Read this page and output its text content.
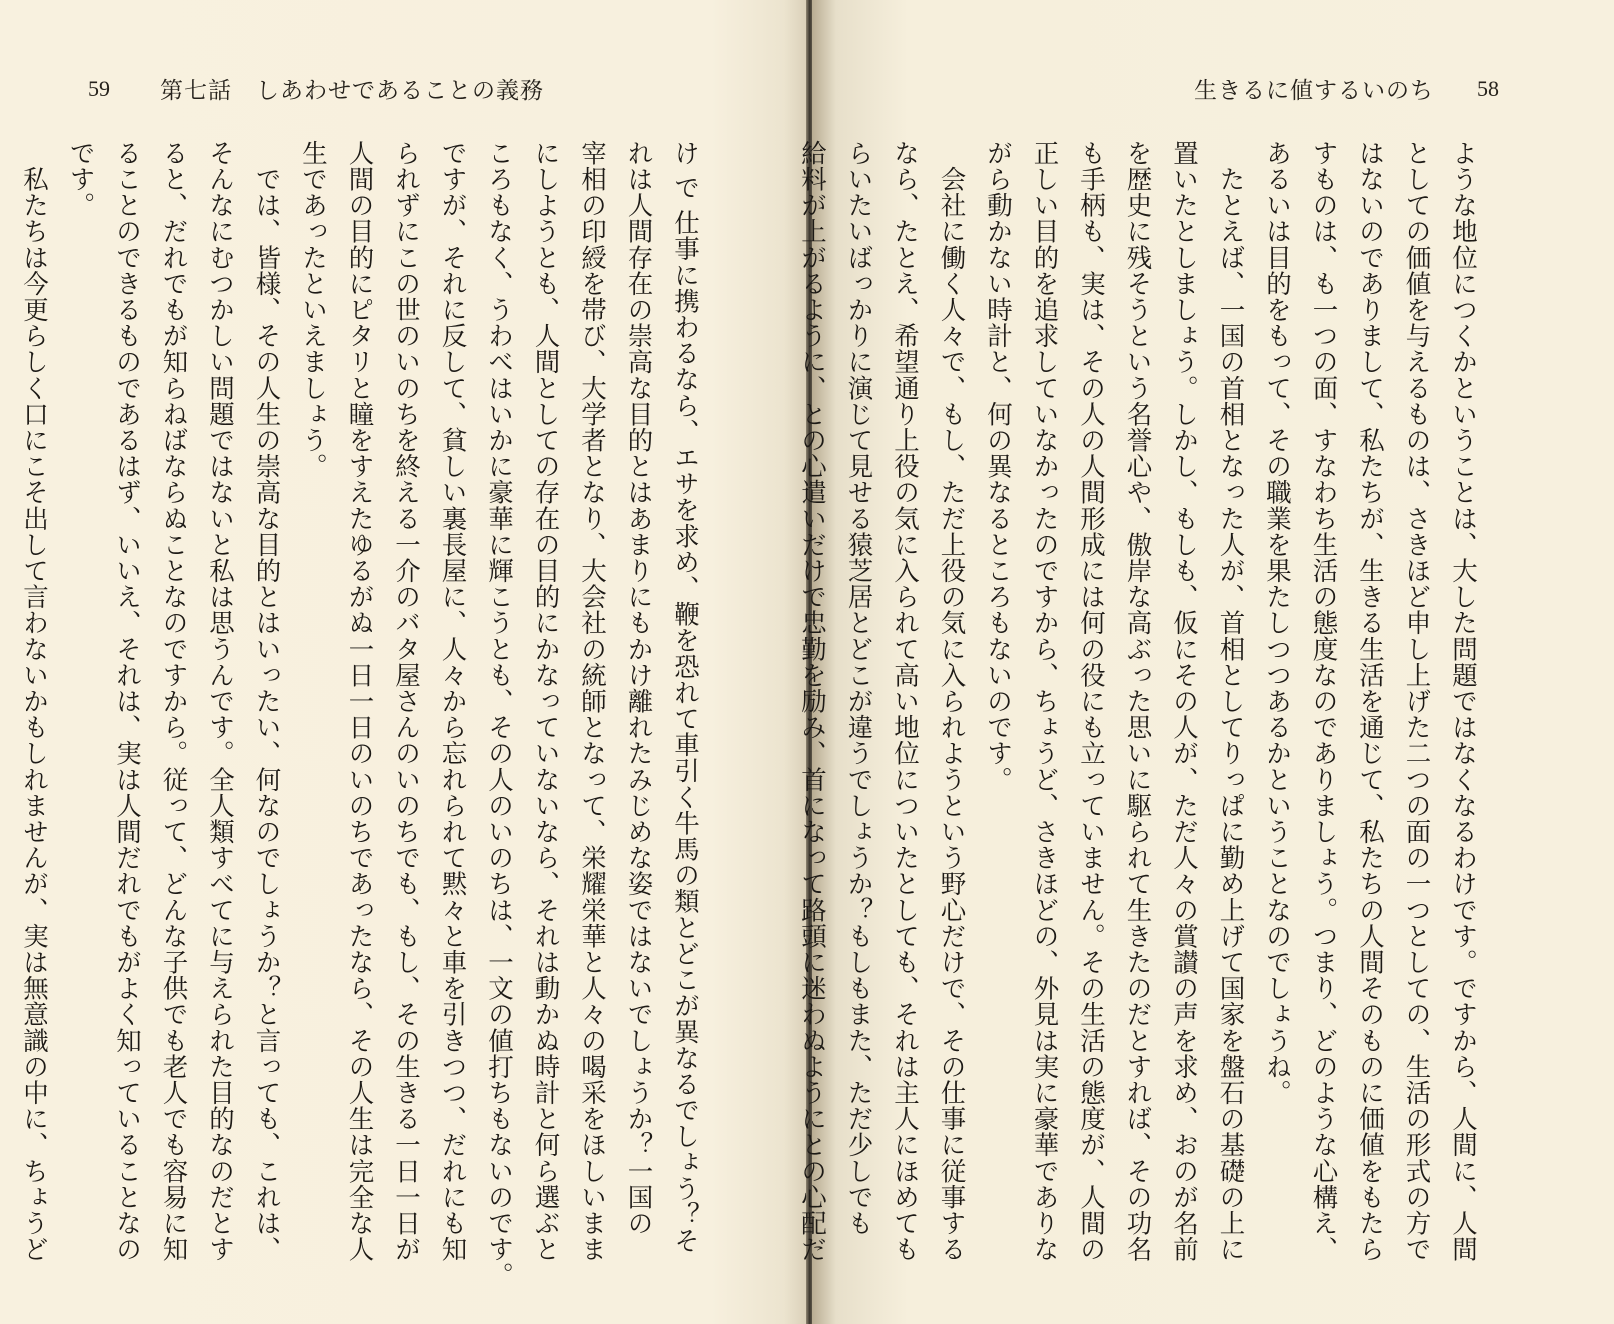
59 第七話　しあわせであることの義務
け で 仕事に携わるなら、エサを求め、鞭を恐れて車引く牛馬の類とどこが異なるでしょう？そ
れは人間存在の崇高な目的とはあまりにもかけ離れたみじめな姿ではないでしょうか？一国の
宰相の印綬を帯び、大学者となり、大会社の統師となって、栄耀栄華と人々の喝采をほしいまま
にしようとも、人間としての存在の目的にかなっていないなら、それは動かぬ時計と何ら選ぶと
ころもなく、うわべはいかに豪華に輝こうとも、その人のいのちは、一文の値打ちもないのです。
ですが、それに反して、貧しい裏長屋に、人々から忘れられて黙々と車を引きつつ、だれにも知
られずにこの世のいのちを終える一介のバタ屋さんのいのちでも、もし、その生きる一日一日が
人間の目的にピタリと瞳をすえたゆるがぬ一日一日のいのちであったなら、その人生は完全な人
生であったといえましょう。
　では、皆様、その人生の崇高な目的とはいったい、何なのでしょうか？と言っても、これは、
そんなにむつかしい問題ではないと私は思うんです。全人類すべてに与えられた目的なのだとす
ると、だれでもが知らねばならぬことなのですから。従って、どんな子供でも老人でも容易に知
ることのできるものであるはず、いいえ、それは、実は人間だれでもがよく知っていることなの
です。
　私たちは今更らしく口にこそ出して言わないかもしれませんが、実は無意識の中に、ちょうど
58
生きるに値するいのち
ような地位につくかということは、大した問題ではなくなるわけです。ですから、人間に、人間
としての価値を与えるものは、さきほど申し上げた二つの面の一つとしての、生活の形式の方で
はないのでありまして、私たちが、生きる生活を通じて、私たちの人間そのものに価値をもたら
すものは、も一つの面、すなわち生活の態度なのでありましょう。つまり、どのような心構え、
あるいは目的をもって、その職業を果たしつつあるかということなのでしょうね。
　たとえば、一国の首相となった人が、首相としてりっぱに勤め上げて国家を盤石の基礎の上に
置いたとしましょう。しかし、もしも、仮にその人が、ただ人々の賞讃の声を求め、おのが名前
を歴史に残そうという名誉心や、傲岸な高ぶった思いに駆られて生きたのだとすれば、その功名
も手柄も、実は、その人の人間形成には何の役にも立っていません。その生活の態度が、人間の
正しい目的を追求していなかったのですから、ちょうど、さきほどの、外見は実に豪華でありな
がら動かない時計と、何の異なるところもないのです。
　会社に働く人々で、もし、ただ上役の気に入られようという野心だけで、その仕事に従事する
なら、たとえ、希望通り上役の気に入られて高い地位についたとしても、それは主人にほめても
らいたいばっかりに演じて見せる猿芝居とどこが違うでしょうか？もしもまた、ただ少しでも
給料が上がるように、との心遣いだけで忠勤を励み、首になって路頭に迷わぬようにとの心配だ
